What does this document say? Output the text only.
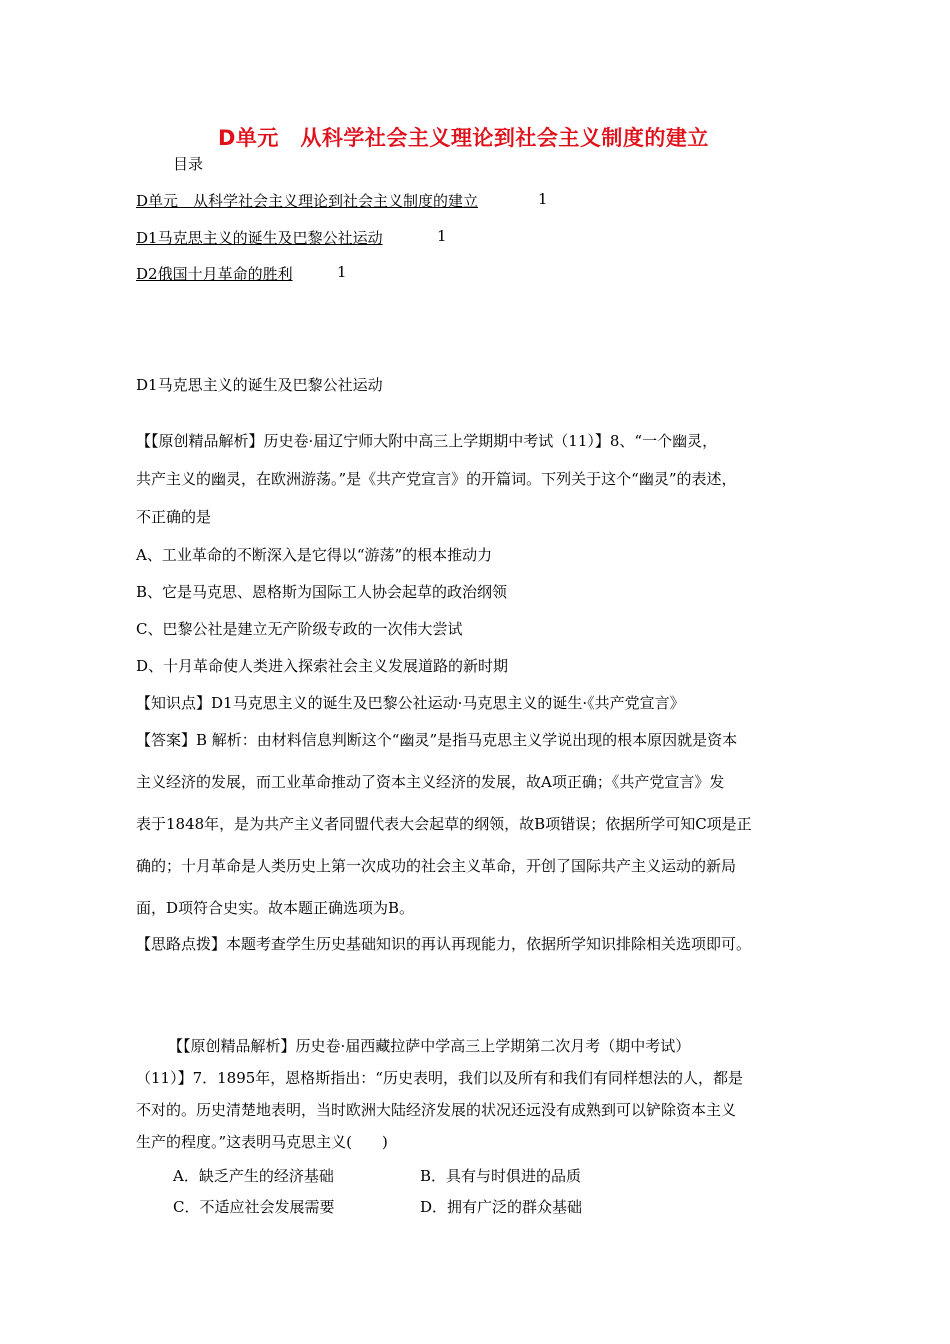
D单元　从科学社会主义理论到社会主义制度的建立
目录
D单元　从科学社会主义理论到社会主义制度的建立	1
D1马克思主义的诞生及巴黎公社运动	1
D2俄国十月革命的胜利	1
D1马克思主义的诞生及巴黎公社运动
【【原创精品解析】历史卷·届辽宁师大附中高三上学期期中考试（11）】8、“一个幽灵，
共产主义的幽灵，在欧洲游荡。”是《共产党宣言》的开篇词。下列关于这个“幽灵”的表述，
不正确的是
A、工业革命的不断深入是它得以“游荡”的根本推动力
B、它是马克思、恩格斯为国际工人协会起草的政治纲领
C、巴黎公社是建立无产阶级专政的一次伟大尝试
D、十月革命使人类进入探索社会主义发展道路的新时期
【知识点】D1马克思主义的诞生及巴黎公社运动·马克思主义的诞生·《共产党宣言》
【答案】B 解析：由材料信息判断这个“幽灵”是指马克思主义学说出现的根本原因就是资本
主义经济的发展，而工业革命推动了资本主义经济的发展，故A项正确；《共产党宣言》发
表于1848年，是为共产主义者同盟代表大会起草的纲领，故B项错误；依据所学可知C项是正
确的；十月革命是人类历史上第一次成功的社会主义革命，开创了国际共产主义运动的新局
面，D项符合史实。故本题正确选项为B。
【思路点拨】本题考查学生历史基础知识的再认再现能力，依据所学知识排除相关选项即可。
【【原创精品解析】历史卷·届西藏拉萨中学高三上学期第二次月考（期中考试）
（11）】7．1895年，恩格斯指出：“历史表明，我们以及所有和我们有同样想法的人，都是
不对的。历史清楚地表明，当时欧洲大陆经济发展的状况还远没有成熟到可以铲除资本主义
生产的程度。”这表明马克思主义(　　)
A．缺乏产生的经济基础	B．具有与时俱进的品质
C．不适应社会发展需要	D．拥有广泛的群众基础
